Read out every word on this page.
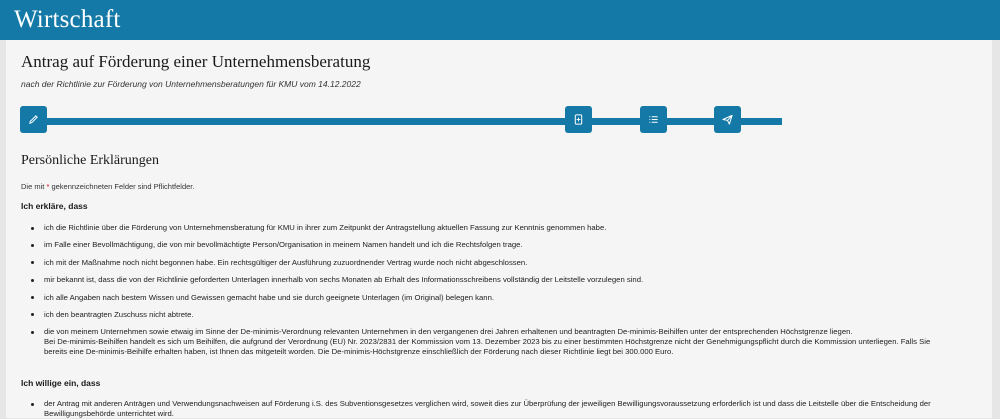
Wirtschaft
Antrag auf Förderung einer Unternehmensberatung
nach der Richtlinie zur Förderung von Unternehmensberatungen für KMU vom 14.12.2022
Persönliche Erklärungen
Die mit * gekennzeichneten Felder sind Pflichtfelder.
Ich erkläre, dass
ich die Richtlinie über die Förderung von Unternehmensberatung für KMU in ihrer zum Zeitpunkt der Antragstellung aktuellen Fassung zur Kenntnis genommen habe.
im Falle einer Bevollmächtigung, die von mir bevollmächtigte Person/Organisation in meinem Namen handelt und ich die Rechtsfolgen trage.
ich mit der Maßnahme noch nicht begonnen habe. Ein rechtsgültiger der Ausführung zuzuordnender Vertrag wurde noch nicht abgeschlossen.
mir bekannt ist, dass die von der Richtlinie geforderten Unterlagen innerhalb von sechs Monaten ab Erhalt des Informationsschreibens vollständig der Leitstelle vorzulegen sind.
ich alle Angaben nach bestem Wissen und Gewissen gemacht habe und sie durch geeignete Unterlagen (im Original) belegen kann.
ich den beantragten Zuschuss nicht abtrete.
die von meinem Unternehmen sowie etwaig im Sinne der De-minimis-Verordnung relevanten Unternehmen in den vergangenen drei Jahren erhaltenen und beantragten De-minimis-Beihilfen unter der entsprechenden Höchstgrenze liegen.
Bei De-minimis-Beihilfen handelt es sich um Beihilfen, die aufgrund der Verordnung (EU) Nr. 2023/2831 der Kommission vom 13. Dezember 2023 bis zu einer bestimmten Höchstgrenze nicht der Genehmigungspflicht durch die Kommission unterliegen. Falls Sie bereits eine De-minimis-Beihilfe erhalten haben, ist Ihnen das mitgeteilt worden. Die De-minimis-Höchstgrenze einschließlich der Förderung nach dieser Richtlinie liegt bei 300.000 Euro.
Ich willige ein, dass
der Antrag mit anderen Anträgen und Verwendungsnachweisen auf Förderung i.S. des Subventionsgesetzes verglichen wird, soweit dies zur Überprüfung der jeweiligen Bewilligungsvoraussetzung erforderlich ist und dass die Leitstelle über die Entscheidung der Bewilligungsbehörde unterrichtet wird.
